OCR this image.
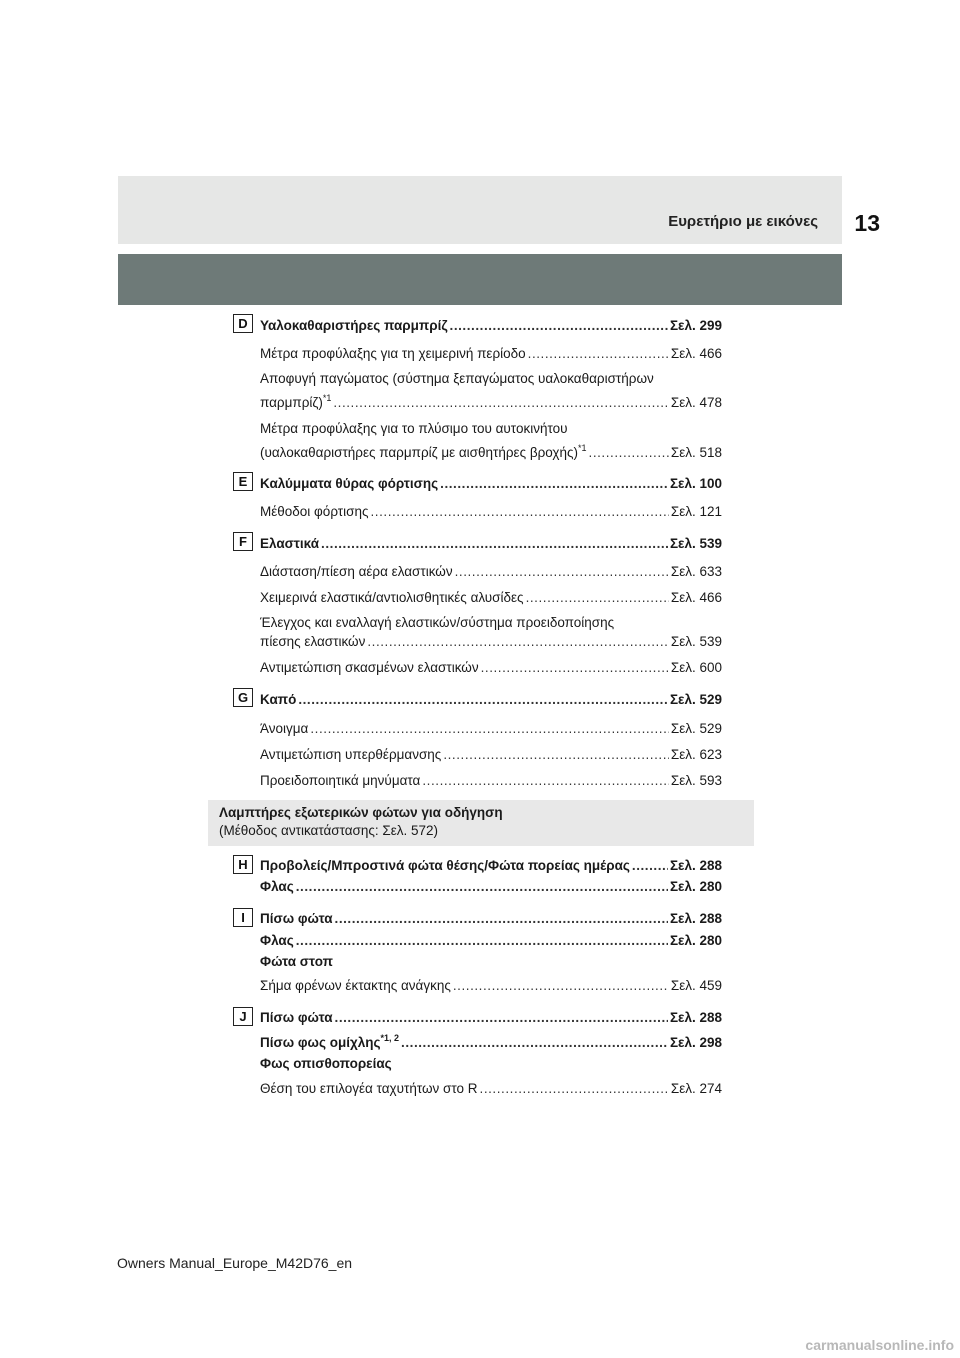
Ευρετήριο με εικόνες 13
D Υαλοκαθαριστήρες παρμπρίζ . . .	Σελ. 299
Μέτρα προφύλαξης για τη χειμερινή περίοδο . . .	Σελ. 466
Αποφυγή παγώματος (σύστημα ξεπαγώματος υαλοκαθαριστήρων
παρμπρίζ)$^{*1}$ . . .	Σελ. 478
Μέτρα προφύλαξης για το πλύσιμο του αυτοκινήτου
(υαλοκαθαριστήρες παρμπρίζ με αισθητήρες βροχής)$^{*1}$ . . .	Σελ. 518
E Καλύμματα θύρας φόρτισης . . .	Σελ. 100
Μέθοδοι φόρτισης . . .	Σελ. 121
F Ελαστικά . . .	Σελ. 539
Διάσταση/πίεση αέρα ελαστικών . . .	Σελ. 633
Χειμερινά ελαστικά/αντιολισθητικές αλυσίδες . . .	Σελ. 466
Έλεγχος και εναλλαγή ελαστικών/σύστημα προειδοποίησης
πίεσης ελαστικών . . .	Σελ. 539
Αντιμετώπιση σκασμένων ελαστικών . . .	Σελ. 600
G Καπό . . .	Σελ. 529
Άνοιγμα . . .	Σελ. 529
Αντιμετώπιση υπερθέρμανσης . . .	Σελ. 623
Προειδοποιητικά μηνύματα . . .	Σελ. 593
Λαμπτήρες εξωτερικών φώτων για οδήγηση
(Μέθοδος αντικατάστασης: Σελ. 572)
H Προβολείς/Μπροστινά φώτα θέσης/Φώτα πορείας ημέρας . . .	Σελ. 288
Φλας . . .	Σελ. 280
I	Πίσω φώτα . . .	Σελ. 288
Φλας . . .	Σελ. 280
Φώτα στοπ
Σήμα φρένων έκτακτης ανάγκης . . .	Σελ. 459
J Πίσω φώτα . . .	Σελ. 288
Πίσω φως ομίχλης$^{*1, 2}$ . . .	Σελ. 298
Φως οπισθοπορείας
Θέση του επιλογέα ταχυτήτων στο R . . .	Σελ. 274
Owners Manual_Europe_M42D76_en
carmanualsonline.info
